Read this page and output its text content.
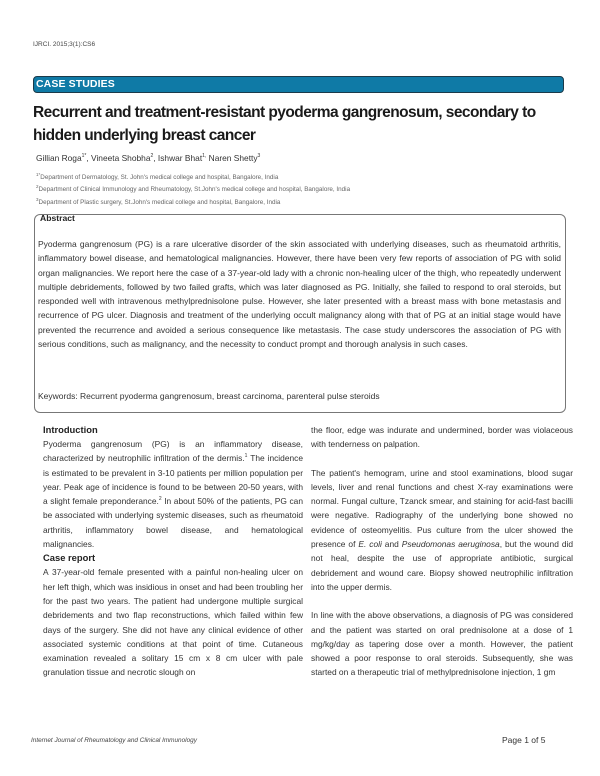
IJRCI. 2015;3(1):CS6
CASE STUDIES
Recurrent and treatment-resistant pyoderma gangrenosum, secondary to hidden underlying breast cancer
Gillian Roga$^{1*}$, Vineeta Shobha$^2$, Ishwar Bhat$^{1,}$ Naren Shetty$^3$
$^{1*}$Department of Dermatology, St. John's medical college and hospital, Bangalore, India
$^2$Department of Clinical Immunology and Rheumatology, St.John's medical college and hospital, Bangalore, India
$^3$Department of Plastic surgery, St.John's medical college and hospital, Bangalore, India
Abstract
Pyoderma gangrenosum (PG) is a rare ulcerative disorder of the skin associated with underlying diseases, such as rheumatoid arthritis, inflammatory bowel disease, and hematological malignancies. However, there have been very few reports of association of PG with solid organ malignancies. We report here the case of a 37-year-old lady with a chronic non-healing ulcer of the thigh, who repeatedly underwent multiple debridements, followed by two failed grafts, which was later diagnosed as PG. Initially, she failed to respond to oral steroids, but responded well with intravenous methylprednisolone pulse. However, she later presented with a breast mass with bone metastasis and recurrence of PG ulcer. Diagnosis and treatment of the underlying occult malignancy along with that of PG at an initial stage would have prevented the recurrence and avoided a serious consequence like metastasis. The case study underscores the association of PG with serious conditions, such as malignancy, and the necessity to conduct prompt and thorough analysis in such cases.
Keywords: Recurrent pyoderma gangrenosum, breast carcinoma, parenteral pulse steroids
Introduction

Pyoderma gangrenosum (PG) is an inflammatory disease, characterized by neutrophilic infiltration of the dermis.$^1$ The incidence is estimated to be prevalent in 3-10 patients per million population per year. Peak age of incidence is found to be between 20-50 years, with a slight female preponderance.$^2$ In about 50% of the patients, PG can be associated with underlying systemic diseases, such as rheumatoid arthritis, inflammatory bowel disease, and hematological malignancies.

Case report

A 37-year-old female presented with a painful non-healing ulcer on her left thigh, which was insidious in onset and had been troubling her for the past two years. The patient had undergone multiple surgical debridements and two flap reconstructions, which failed within few days of the surgery. She did not have any clinical evidence of other associated systemic conditions at that point of time. Cutaneous examination revealed a solitary 15 cm x 8 cm ulcer with pale granulation tissue and necrotic slough on

the floor, edge was indurate and undermined, border was violaceous with tenderness on palpation.

The patient's hemogram, urine and stool examinations, blood sugar levels, liver and renal functions and chest X-ray examinations were normal. Fungal culture, Tzanck smear, and staining for acid-fast bacilli were negative. Radiography of the underlying bone showed no evidence of osteomyelitis. Pus culture from the ulcer showed the presence of E. coli and Pseudomonas aeruginosa, but the wound did not heal, despite the use of appropriate antibiotic, surgical debridement and wound care. Biopsy showed neutrophilic infiltration into the upper dermis.

In line with the above observations, a diagnosis of PG was considered and the patient was started on oral prednisolone at a dose of 1 mg/kg/day as tapering dose over a month. However, the patient showed a poor response to oral steroids. Subsequently, she was started on a therapeutic trial of methylprednisolone injection, 1 gm

Internet Journal of Rheumatology and Clinical Immunology	Page 1 of 5
